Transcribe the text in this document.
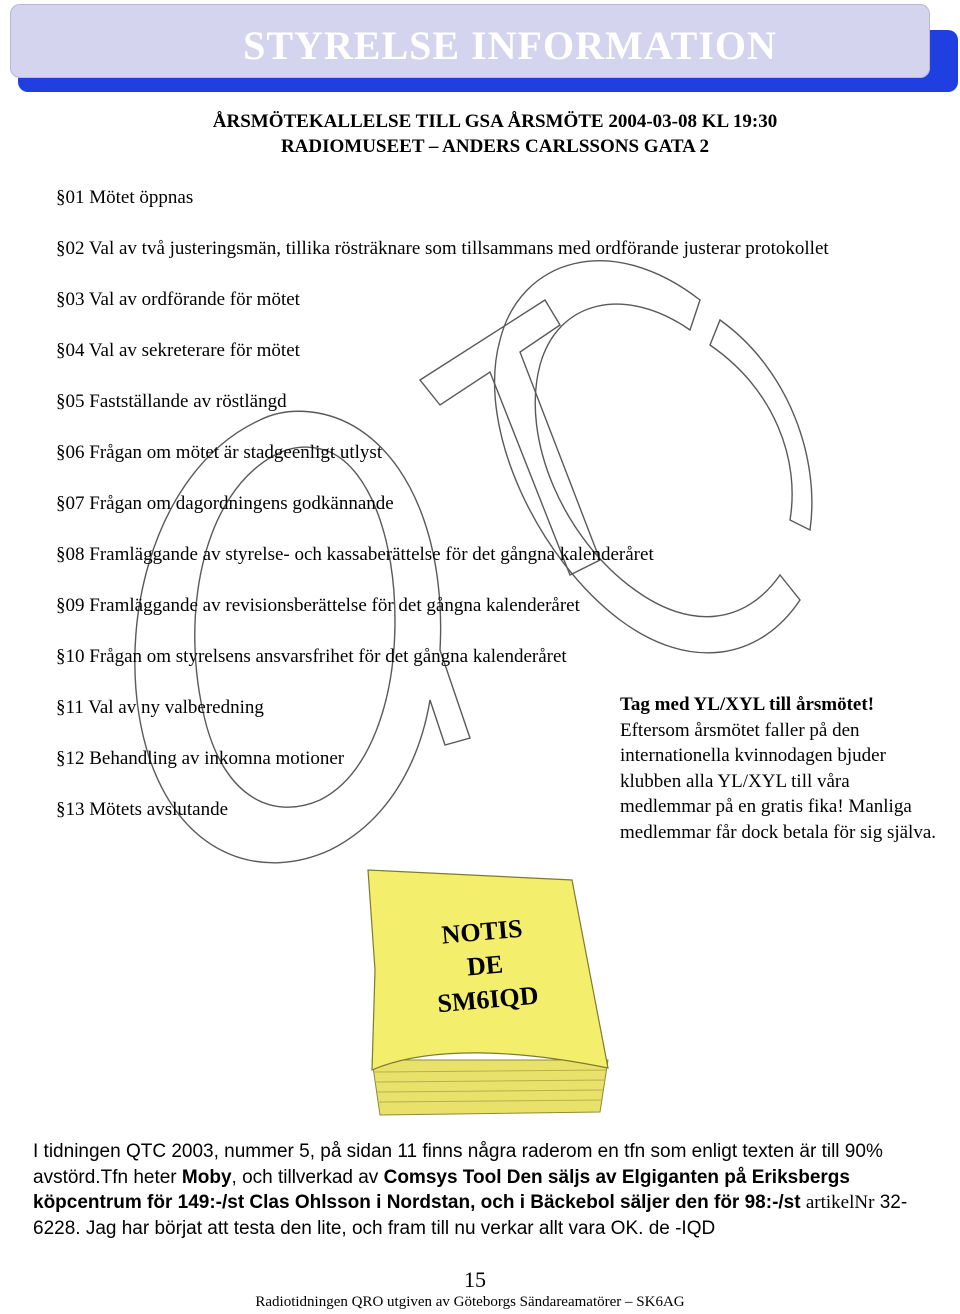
STYRELSE INFORMATION
ÅRSMÖTEKALLELSE TILL GSA ÅRSMÖTE 2004-03-08 KL 19:30
RADIOMUSEET – ANDERS CARLSSONS GATA 2
§01 Mötet öppnas
§02 Val av två justeringsmän, tillika rösträknare som tillsammans med ordförande justerar protokollet
§03 Val av ordförande för mötet
§04 Val av sekreterare för mötet
§05 Fastställande av röstlängd
§06 Frågan om mötet är stadgeenligt utlyst
§07 Frågan om dagordningens godkännande
§08 Framläggande av styrelse- och kassaberättelse för det gångna kalenderåret
§09 Framläggande av revisionsberättelse för det gångna kalenderåret
§10 Frågan om styrelsens ansvarsfrihet för det gångna kalenderåret
§11 Val av ny valberedning
§12 Behandling av inkomna motioner
§13 Mötets avslutande
Tag med YL/XYL till årsmötet!
Eftersom årsmötet faller på den internationella kvinnodagen bjuder klubben alla YL/XYL till våra medlemmar på en gratis fika! Manliga medlemmar får dock betala för sig själva.
NOTIS
DE
SM6IQD
I tidningen QTC 2003, nummer 5, på sidan 11 finns några raderom en tfn som enligt texten är till 90% avstörd.Tfn heter Moby, och tillverkad av Comsys Tool Den säljs av Elgiganten på Eriksbergs köpcentrum för 149:-/st Clas Ohlsson i Nordstan, och i Bäckebol säljer den för 98:-/st artikelNr 32-6228. Jag har börjat att testa den lite, och fram till nu verkar allt vara OK. de -IQD
15
Radiotidningen QRO utgiven av Göteborgs Sändareamatörer – SK6AG
